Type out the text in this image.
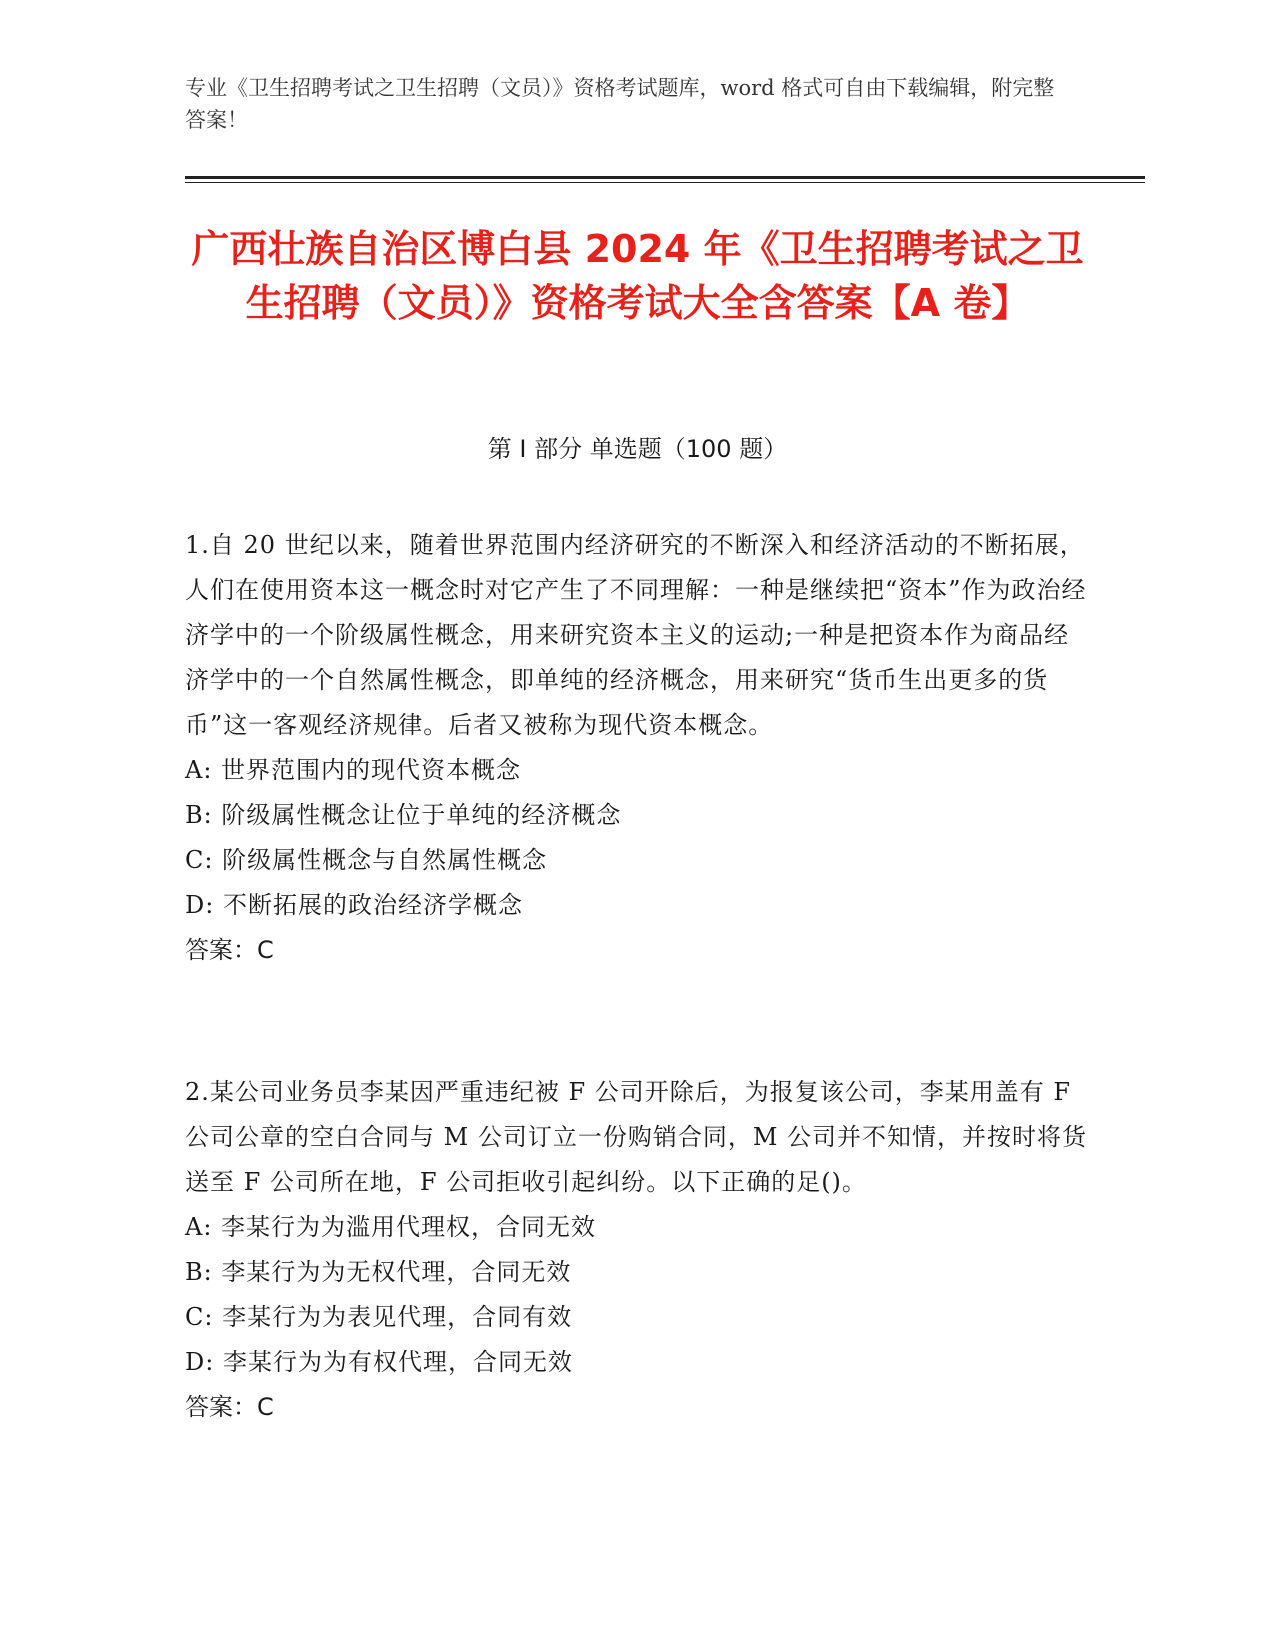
专业《卫生招聘考试之卫生招聘（文员）》资格考试题库，word 格式可自由下载编辑，附完整答案！
广西壮族自治区博白县 2024 年《卫生招聘考试之卫生招聘（文员）》资格考试大全含答案【A 卷】
第 I 部分 单选题（100 题）
1.自 20 世纪以来，随着世界范围内经济研究的不断深入和经济活动的不断拓展，人们在使用资本这一概念时对它产生了不同理解：一种是继续把“资本”作为政治经济学中的一个阶级属性概念，用来研究资本主义的运动;一种是把资本作为商品经济学中的一个自然属性概念，即单纯的经济概念，用来研究“货币生出更多的货币”这一客观经济规律。后者又被称为现代资本概念。
A: 世界范围内的现代资本概念
B: 阶级属性概念让位于单纯的经济概念
C: 阶级属性概念与自然属性概念
D: 不断拓展的政治经济学概念
答案：C
2.某公司业务员李某因严重违纪被 F 公司开除后，为报复该公司，李某用盖有 F 公司公章的空白合同与 M 公司订立一份购销合同，M 公司并不知情，并按时将货送至 F 公司所在地，F 公司拒收引起纠纷。以下正确的足()。
A: 李某行为为滥用代理权，合同无效
B: 李某行为为无权代理，合同无效
C: 李某行为为表见代理，合同有效
D: 李某行为为有权代理，合同无效
答案：C
